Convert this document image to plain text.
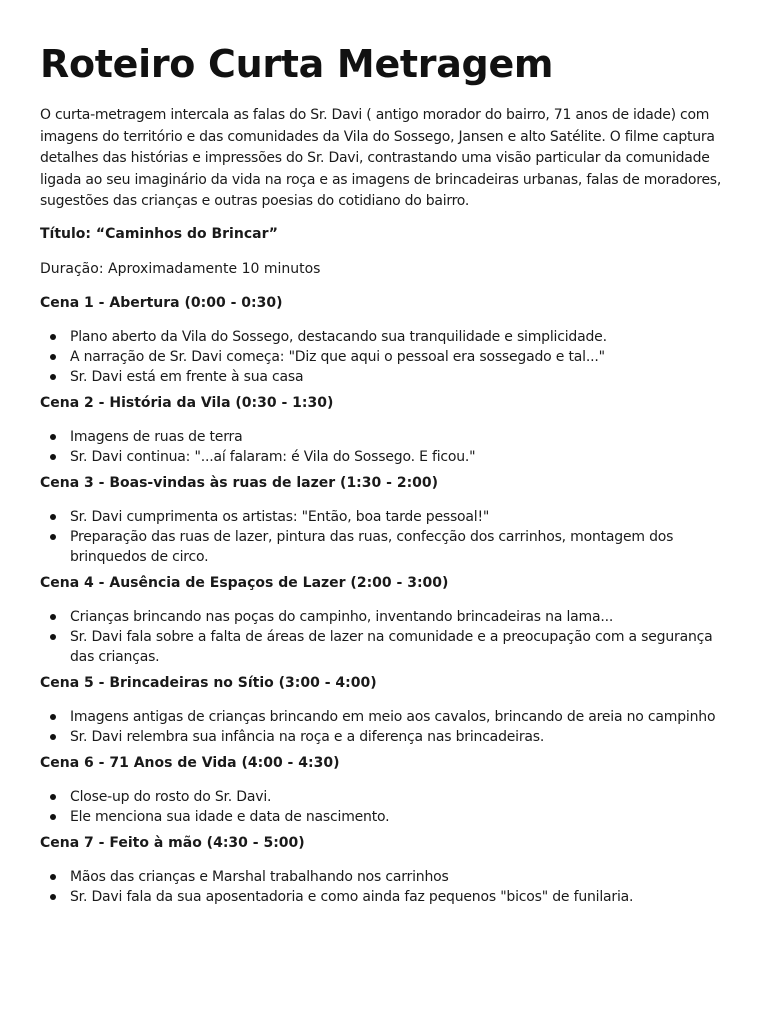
Roteiro Curta Metragem

O curta-metragem intercala as falas do Sr. Davi ( antigo morador do bairro, 71 anos de idade) com imagens do território e das comunidades da Vila do Sossego, Jansen e alto Satélite. O filme captura detalhes das histórias e impressões do Sr. Davi, contrastando uma visão particular da comunidade ligada ao seu imaginário da vida na roça e as imagens de brincadeiras urbanas, falas de moradores, sugestões das crianças e outras poesias do cotidiano do bairro.

Título: “Caminhos do Brincar”

Duração: Aproximadamente 10 minutos

Cena 1 - Abertura (0:00 - 0:30)
Plano aberto da Vila do Sossego, destacando sua tranquilidade e simplicidade.
A narração de Sr. Davi começa: "Diz que aqui o pessoal era sossegado e tal..."
Sr. Davi está em frente à sua casa
Cena 2 - História da Vila (0:30 - 1:30)
Imagens de ruas de terra
Sr. Davi continua: "...aí falaram: é Vila do Sossego. E ficou."
Cena 3 - Boas-vindas às ruas de lazer (1:30 - 2:00)
Sr. Davi cumprimenta os artistas: "Então, boa tarde pessoal!"
Preparação das ruas de lazer, pintura das ruas, confecção dos carrinhos, montagem dos brinquedos de circo.
Cena 4 - Ausência de Espaços de Lazer (2:00 - 3:00)
Crianças brincando nas poças do campinho, inventando brincadeiras na lama...
Sr. Davi fala sobre a falta de áreas de lazer na comunidade e a preocupação com a segurança das crianças.
Cena 5 - Brincadeiras no Sítio (3:00 - 4:00)
Imagens antigas de crianças brincando em meio aos cavalos, brincando de areia no campinho
Sr. Davi relembra sua infância na roça e a diferença nas brincadeiras.
Cena 6 - 71 Anos de Vida (4:00 - 4:30)
Close-up do rosto do Sr. Davi.
Ele menciona sua idade e data de nascimento.
Cena 7 - Feito à mão (4:30 - 5:00)
Mãos das crianças e Marshal trabalhando nos carrinhos
Sr. Davi fala da sua aposentadoria e como ainda faz pequenos "bicos" de funilaria.
